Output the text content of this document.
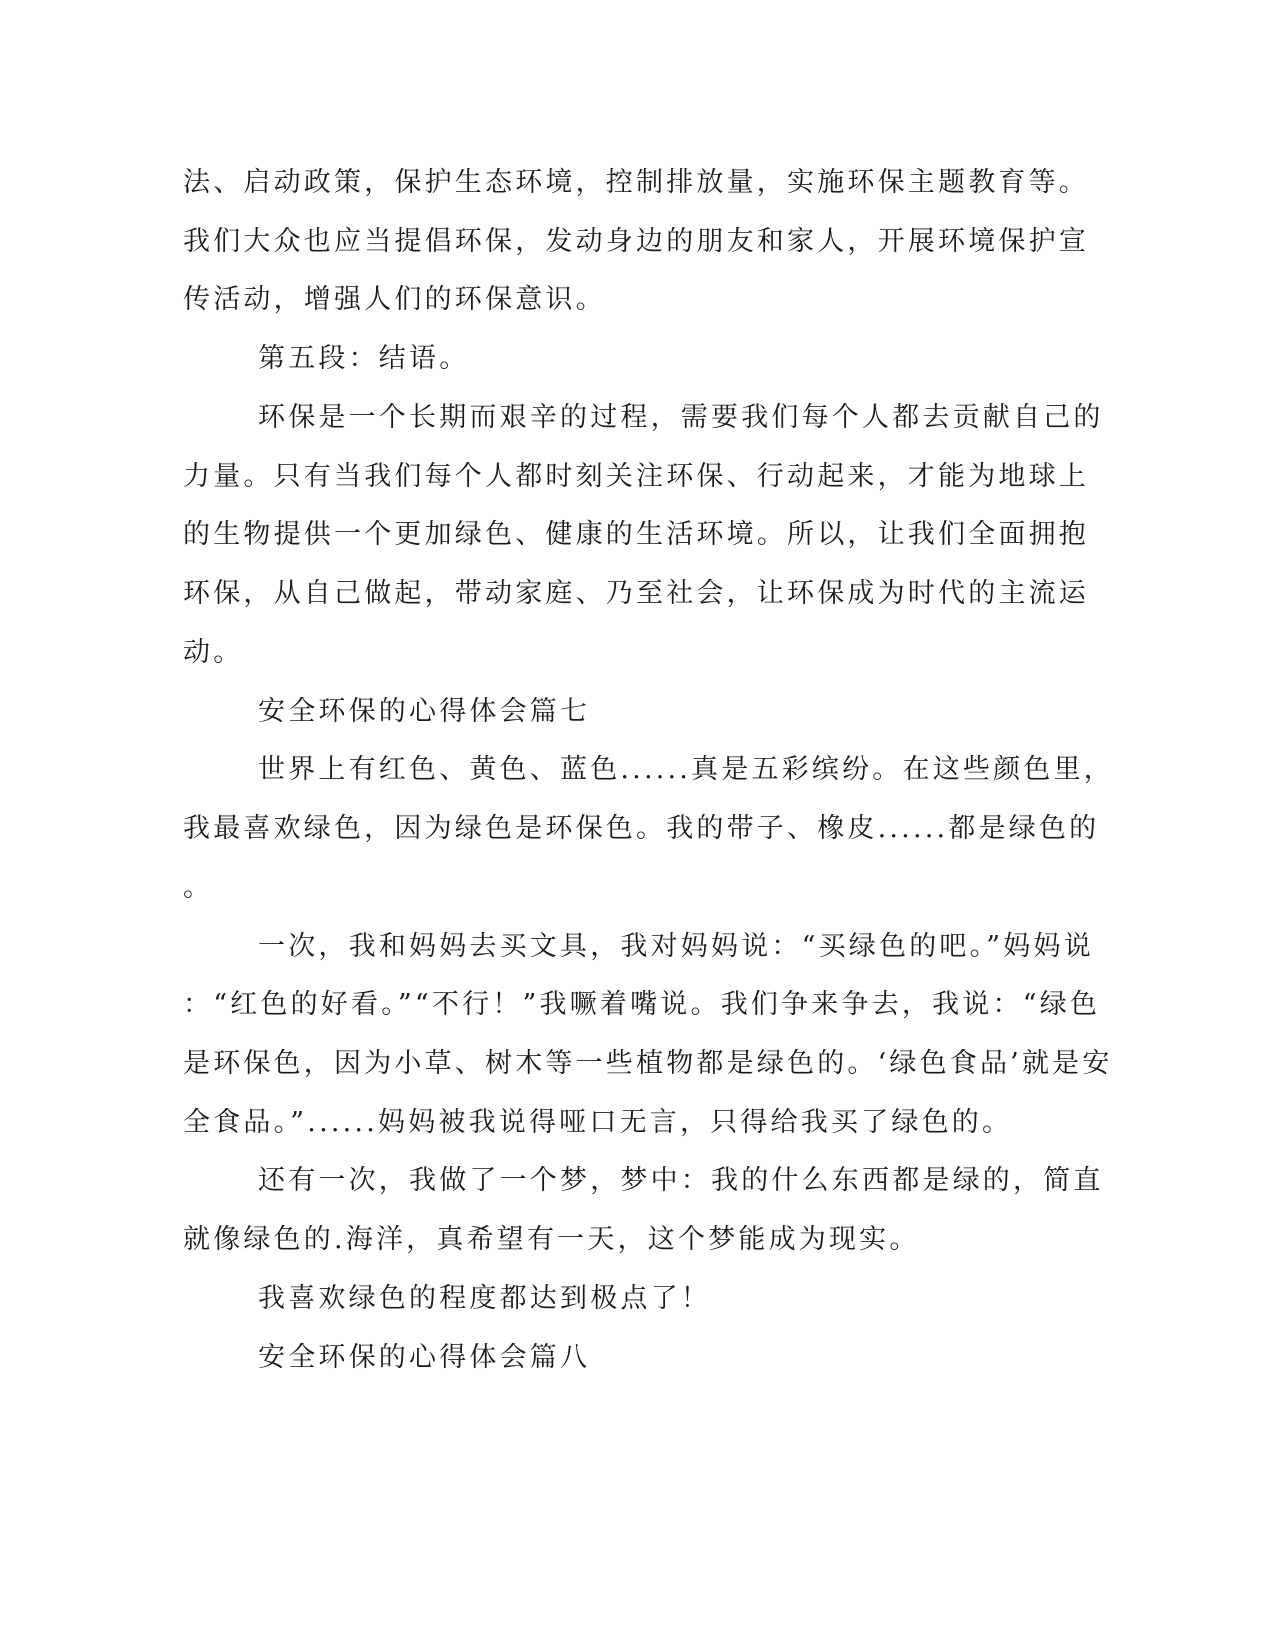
法、启动政策，保护生态环境，控制排放量，实施环保主题教育等。
我们大众也应当提倡环保，发动身边的朋友和家人，开展环境保护宣
传活动，增强人们的环保意识。
第五段：结语。
环保是一个长期而艰辛的过程，需要我们每个人都去贡献自己的
力量。只有当我们每个人都时刻关注环保、行动起来，才能为地球上
的生物提供一个更加绿色、健康的生活环境。所以，让我们全面拥抱
环保，从自己做起，带动家庭、乃至社会，让环保成为时代的主流运
动。
安全环保的心得体会篇七
世界上有红色、黄色、蓝色......真是五彩缤纷。在这些颜色里，
我最喜欢绿色，因为绿色是环保色。我的带子、橡皮......都是绿色的
。
一次，我和妈妈去买文具，我对妈妈说：“买绿色的吧。”妈妈说
：“红色的好看。”“不行！”我噘着嘴说。我们争来争去，我说：“绿色
是环保色，因为小草、树木等一些植物都是绿色的。‘绿色食品’就是安
全食品。”......妈妈被我说得哑口无言，只得给我买了绿色的。
还有一次，我做了一个梦，梦中：我的什么东西都是绿的，简直
就像绿色的.海洋，真希望有一天，这个梦能成为现实。
我喜欢绿色的程度都达到极点了！
安全环保的心得体会篇八
